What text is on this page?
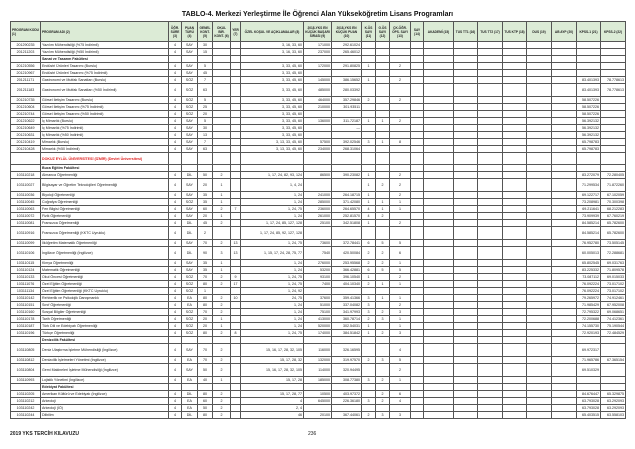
TABLO-4. Merkezi Yerleştirme İle Öğrenci Alan Yükseköğretim Lisans Programları
PROGRAM KODU (1)	PROGRAM ADI (2)	ÖĞR. SÜRE (3)	PUAN TÜRÜ (4)	GENEL KONT. (5)	OKUL BİR. KONT. (6)	YER (7)	ÖZEL KOŞUL VE AÇIKLAMALAR (8)	2018-YKS EN KÜÇÜK BAŞARI SIRASI (9)	2018-YKS EN KÜÇÜK PUAN (10)	K.ÖS SAYI (11)	G.ÖS SAYI (12)	ÇK.ÖĞR. ÖPS. SAYI (13)	SAY (14)	AKADEMİ (15)	TUS TT1 (16)	TUS TT2 (17)	TUS KTP (18)	DUS (19)	AB AYP (20)	KPSS-1 (21)	KPSS-2 (22)
201290235	Yazılım Mühendisliği (%75 İndirimli)	4	SAY	30			3, 16, 33, 60	171000	292.61024												
201211203	Yazılım Mühendisliği (%50 İndirimli)	4	SAY	15			3, 16, 33, 60	237000	265.46012												
	Sanat ve Tasarım Fakültesi																				
201210556	Endüstri Ürünleri Tasarımı (Burslu)	4	SAY	5			3, 33, 45, 60	172000	291.80825	1		2									
201210967	Endüstri Ürünleri Tasarımı (%75 İndirimli)	4	SAY	45			3, 33, 45, 60														
201211171	Gastronomi ve Mutfak Sanatları (Burslu)	4	SÖZ	7			3, 33, 45, 60	145000	386.15652	1		2								83.401393	78.778613
201211183	Gastronomi ve Mutfak Sanatları (%50 İndirimli)	4	SÖZ	63			3, 33, 45, 60	485000	280.03392											83.401393	78.778613
201210735	Görsel İletişim Tasarımı (Burslu)	4	SÖZ	5			3, 33, 45, 60	464000	357.29846	2		2								58.507226	
201210604	Görsel İletişim Tasarımı (%75 İndirimli)	4	SÖZ	25			3, 33, 45, 60	210000	301.93511											58.507226	
201210744	Görsel İletişim Tasarımı (%50 İndirimli)	4	SÖZ	20			3, 33, 45, 60													58.507226	
201210622	İç Mimarlık (Burslu)	4	SAY	5			3, 33, 45, 60	136000	311.72187	1	1	2								56.392132	
201210649	İç Mimarlık (%75 İndirimli)	4	SAY	30			3, 33, 45, 60		—											56.392132	
201210631	İç Mimarlık (%50 İndirimli)	4	SAY	13			3, 33, 45, 60													56.392132	
201210419	Mimarlık (Burslu)	4	SAY	7			3, 13, 33, 45, 60	57500	392.02546	3	1	8								65.798783	
201210428	Mimarlık (%50 İndirimli)	4	SAY	63			3, 13, 33, 45, 60	234000	268.31064											65.798783	
	DOKUZ EYLÜL ÜNİVERSİTESİ (İZMİR) (Devlet Üniversitesi)																				
	Buca Eğitim Fakültesi																				
103110218	Almanca Öğretmenliği	4	DİL	50	2		1, 17, 24, 82, 93, 124	86500	390.23082	1		2								83.272079	72.280405
103110027	Bilgisayar ve Öğretim Teknolojileri Öğretmenliği	4	SAY	20	1		1, 4, 24			1	2	2								71.299534	71.872260
103110036	Biyoloji Öğretmenliği	4	SAY	35	1		1, 24	241000	264.18715	1		2								69.122717	67.102059
103110045	Coğrafya Öğretmenliği	4	SÖZ	35	1		1, 24	285000	371.42080	1	1	1								73.208981	70.300398
103110063	Fen Bilgisi Öğretmenliği	4	SAY	60	2	7	1, 24, 75	236000	264.65570	4	1	1								69.211641	68.212283
103110072	Fizik Öğretmenliği	4	SAY	20	1		1, 24	261000	252.81570	4	2									73.909939	67.760219
103110081	Fransızca Öğretmenliği	4	DİL	45	2		1, 17, 24, 85, 127, 128	25100	342.51808	1		2								84.585214	65.782600
103110916	Fransızca Öğretmenliği (KKTC Uyruklu)	4	DİL	2			1, 17, 24, 85, 92, 127, 128													84.585214	65.782600
103110099	İlköğretim Matematik Öğretmenliği	4	SAY	70	2	13	1, 24, 75	73600	372.78441	6	5	5								76.952780	73.505145
103110106	İngilizce Öğretmenliği (İngilizce)	4	DİL	90	3	13	1, 15, 17, 24, 28, 75, 77	7540	420.50084	2	2	6								60.005013	72.288681
103110115	Kimya Öğretmenliği	4	SAY	35	1		1, 24	276000	253.95568	2	2	1								65.802545	69.031763
103110124	Matematik Öğretmenliği	4	SAY	35	1		1, 24	53200	366.42881	6	5	5								83.225332	71.809578
103110133	Okul Öncesi Öğretmenliği	4	SÖZ	70	2	9	1, 24, 75	93100	396.10540	1		2								73.087112	69.015033
103111076	Özel Eğitim Öğretmenliği	4	SÖZ	80	2	17	1, 24, 75	7400	404.10340	2	1	1								76.092224	73.017102
103111134	Özel Eğitim Öğretmenliği (KKTC Uyruklu)	4	SÖZ	1			1, 24, 92													76.092224	73.017102
103110142	Rehberlik ve Psikolojik Danışmanlık	4	EA	80	2	10	24, 75	37600	359.41366	3	1	1								79.265972	74.912461
103110151	Sınıf Öğretmenliği	4	EA	80	2		1, 24	51000	337.04082	3		2								71.985429	67.952008
103110160	Sosyal Bilgiler Öğretmenliği	4	SÖZ	70	2		1, 24	75100	341.97993	3	2	3								72.795322	69.068651
103110178	Tarih Öğretmenliği	4	SÖZ	20	1		1, 24	413000	360.78714	2	3	1								72.200688	74.412361
103110187	Türk Dili ve Edebiyatı Öğretmenliği	4	SÖZ	20	1		1, 24	520000	302.54031	1		1								74.155730	75.190544
103110196	Türkçe Öğretmenliği	4	SÖZ	80	2	8	1, 24, 75	174000	384.51842	1	2	3								72.920193	72.484529
	Denizcilik Fakültesi																				
103110805	Deniz Ulaştırma İşletme Mühendisliği (İngilizce)	4	SAY	70	2		15, 16, 17, 28, 32, 105	116000	326.16595			4								69.972317	
103110812	Denizcilik İşletmeleri Yönetimi (İngilizce)	4	EA	70	2		15, 17, 28, 32	132000	319.97570	2	3	5								71.965786	67.365154
103110804	Gemi Makineleri İşletme Mühendisliği (İngilizce)	4	SAY	50	2		15, 16, 17, 28, 32, 105	114000	320.94495			2								69.510329	
103110993	Lojistik Yönetimi (İngilizce)	4	EA	40	1		15, 17, 28	185000	308.77380	3	2	1									
	Edebiyat Fakültesi																				
103110205	Amerikan Kültürü ve Edebiyatı (İngilizce)	4	DİL	80	2		15, 17, 28, 77	10500	403.97372		2	6								84.676447	65.329875
103110212	Arkeoloji	4	EA	60	2		4	645000	226.36180	3	2	4								63.793028	63.292093
103110242	Arkeoloji (İÖ)	4	EA	50	2		2, 4													63.793028	63.292093
103110244	Dilbilim	4	DİL	80	2		46	20100	367.44061	2	3	3								65.403515	63.558103
2019 YKS TERCİH KILAVUZU	236
